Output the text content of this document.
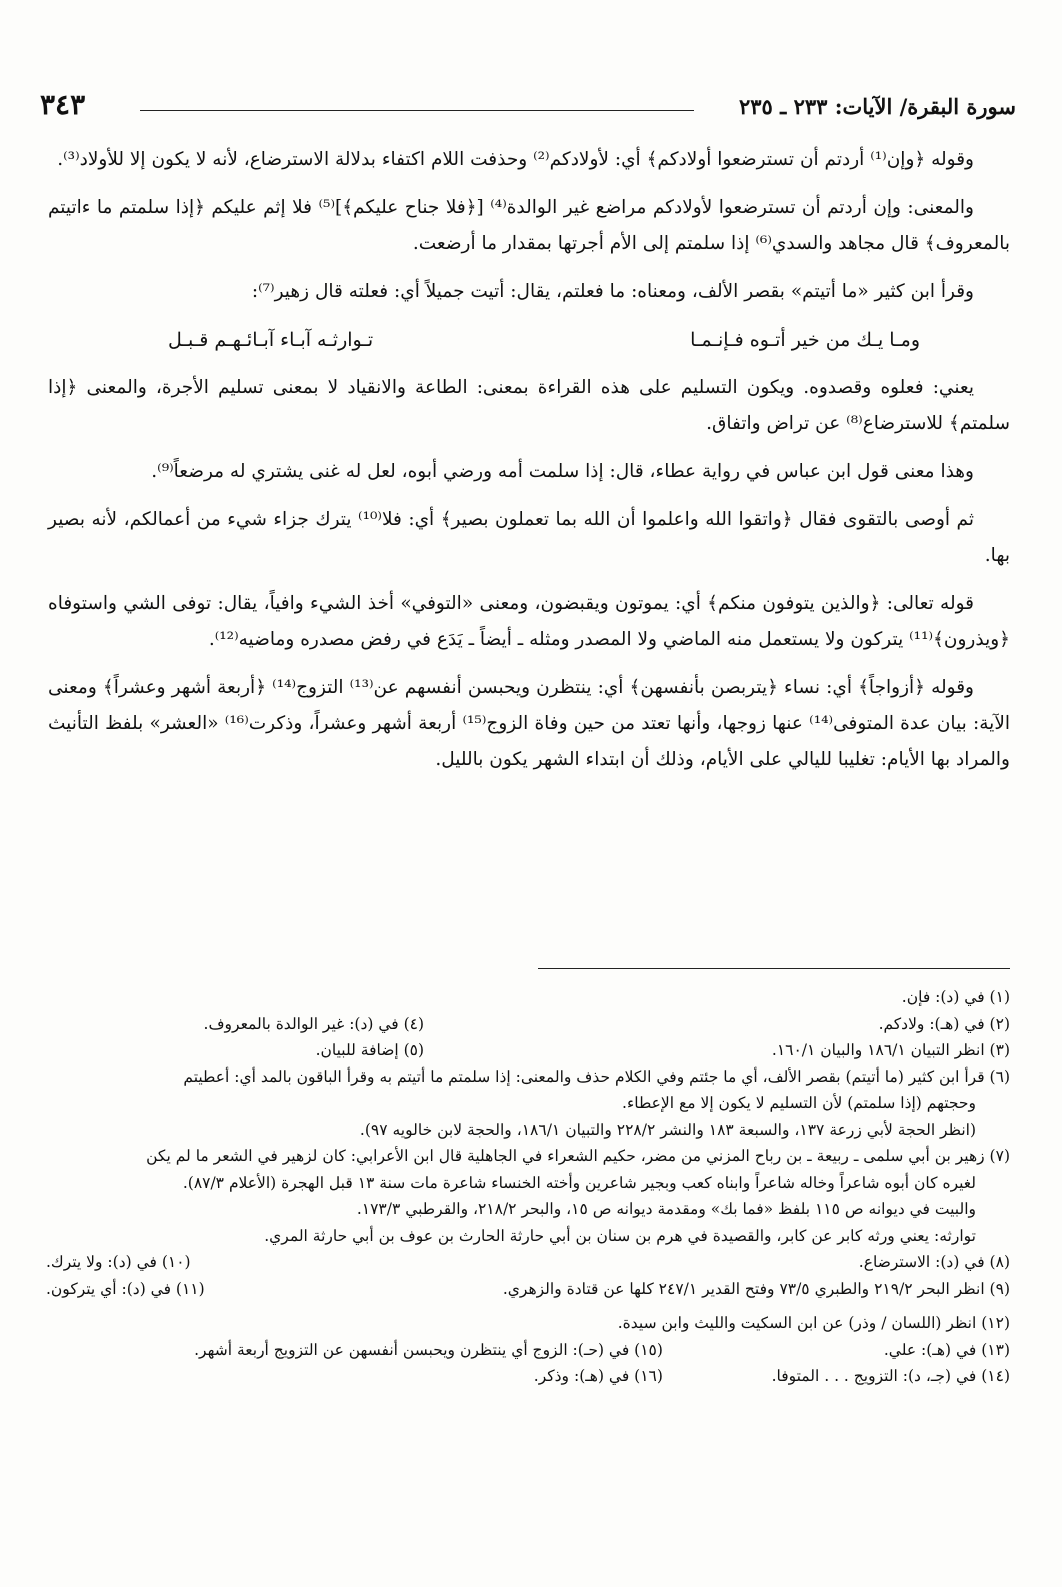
سورة البقرة/ الآيات: ٢٣٣ ـ ٢٣٥
٣٤٣

وقوله ﴿وإن⁽¹⁾ أردتم أن تسترضعوا أولادكم﴾ أي: لأولادكم⁽²⁾ وحذفت اللام اكتفاء بدلالة الاسترضاع، لأنه لا يكون إلا للأولاد⁽³⁾.

والمعنى: وإن أردتم أن تسترضعوا لأولادكم مراضع غير الوالدة⁽⁴⁾ [﴿فلا جناح عليكم﴾]⁽⁵⁾ فلا إثم عليكم ﴿إذا سلمتم ما ءاتيتم بالمعروف﴾ قال مجاهد والسدي⁽⁶⁾ إذا سلمتم إلى الأم أجرتها بمقدار ما أرضعت.

وقرأ ابن كثير «ما أتيتم» بقصر الألف، ومعناه: ما فعلتم، يقال: أتيت جميلاً أي: فعلته قال زهير⁽⁷⁾:

ومـا يـك من خير أتـوه فـإنـمـا
تـوارثـه آبـاء آبـائـهـم قـبـل

يعني: فعلوه وقصدوه. ويكون التسليم على هذه القراءة بمعنى: الطاعة والانقياد لا بمعنى تسليم الأجرة، والمعنى ﴿إذا سلمتم﴾ للاسترضاع⁽⁸⁾ عن تراض واتفاق.

وهذا معنى قول ابن عباس في رواية عطاء، قال: إذا سلمت أمه ورضي أبوه، لعل له غنى يشتري له مرضعاً⁽⁹⁾.

ثم أوصى بالتقوى فقال ﴿واتقوا الله واعلموا أن الله بما تعملون بصير﴾ أي: فلا⁽¹⁰⁾ يترك جزاء شيء من أعمالكم، لأنه بصير بها.

قوله تعالى: ﴿والذين يتوفون منكم﴾ أي: يموتون ويقبضون، ومعنى «التوفي» أخذ الشيء وافياً، يقال: توفى الشي واستوفاه ﴿ويذرون﴾⁽¹¹⁾ يتركون ولا يستعمل منه الماضي ولا المصدر ومثله ـ أيضاً ـ يَدَع في رفض مصدره وماضيه⁽¹²⁾.

وقوله ﴿أزواجاً﴾ أي: نساء ﴿يتربصن بأنفسهن﴾ أي: ينتظرن ويحبسن أنفسهم عن⁽¹³⁾ التزوج⁽¹⁴⁾ ﴿أربعة أشهر وعشراً﴾ ومعنى الآية: بيان عدة المتوفى⁽¹⁴⁾ عنها زوجها، وأنها تعتد من حين وفاة الزوج⁽¹⁵⁾ أربعة أشهر وعشراً، وذكرت⁽¹⁶⁾ «العشر» بلفظ التأنيث والمراد بها الأيام: تغليبا لليالي على الأيام، وذلك أن ابتداء الشهر يكون بالليل.

(١) في (د): فإن.

(٢) في (هـ): ولادكم.
(٤) في (د): غير الوالدة بالمعروف.
(٣) انظر التبيان ١٨٦/١ والبيان ١٦٠/١.
(٥) إضافة للبيان.

(٦) قرأ ابن كثير (ما أتيتم) بقصر الألف، أي ما جئتم وفي الكلام حذف والمعنى: إذا سلمتم ما أتيتم به وقرأ الباقون بالمد أي: أعطيتم

وحجتهم (إذا سلمتم) لأن التسليم لا يكون إلا مع الإعطاء.

(انظر الحجة لأبي زرعة ١٣٧، والسبعة ١٨٣ والنشر ٢٢٨/٢ والتبيان ١٨٦/١، والحجة لابن خالويه ٩٧).

(٧) زهير بن أبي سلمى ـ ربيعة ـ بن رباح المزني من مضر، حكيم الشعراء في الجاهلية قال ابن الأعرابي: كان لزهير في الشعر ما لم يكن

لغيره كان أبوه شاعراً وخاله شاعراً وابناه كعب وبجير شاعرين وأخته الخنساء شاعرة مات سنة ١٣ قبل الهجرة (الأعلام ٨٧/٣).

والبيت في ديوانه ص ١١٥ بلفظ «فما بك» ومقدمة ديوانه ص ١٥، والبحر ٢١٨/٢، والقرطبي ١٧٣/٣.

توارثه: يعني ورثه كابر عن كابر، والقصيدة في هرم بن سنان بن أبي حارثة الحارث بن عوف بن أبي حارثة المري.

(٨) في (د): الاسترضاع.
(١٠) في (د): ولا يترك.
(٩) انظر البحر ٢١٩/٢ والطبري ٧٣/٥ وفتح القدير ٢٤٧/١ كلها عن قتادة والزهري.
(١١) في (د): أي يتركون.

(١٢) انظر (اللسان / وذر) عن ابن السكيت والليث وابن سيدة.

(١٣) في (هـ): علي.
(١٥) في (حـ): الزوج أي ينتظرن ويحبسن أنفسهن عن التزويج أربعة أشهر.
(١٤) في (جـ، د): التزويج . . . المتوفا.
(١٦) في (هـ): وذكر.
